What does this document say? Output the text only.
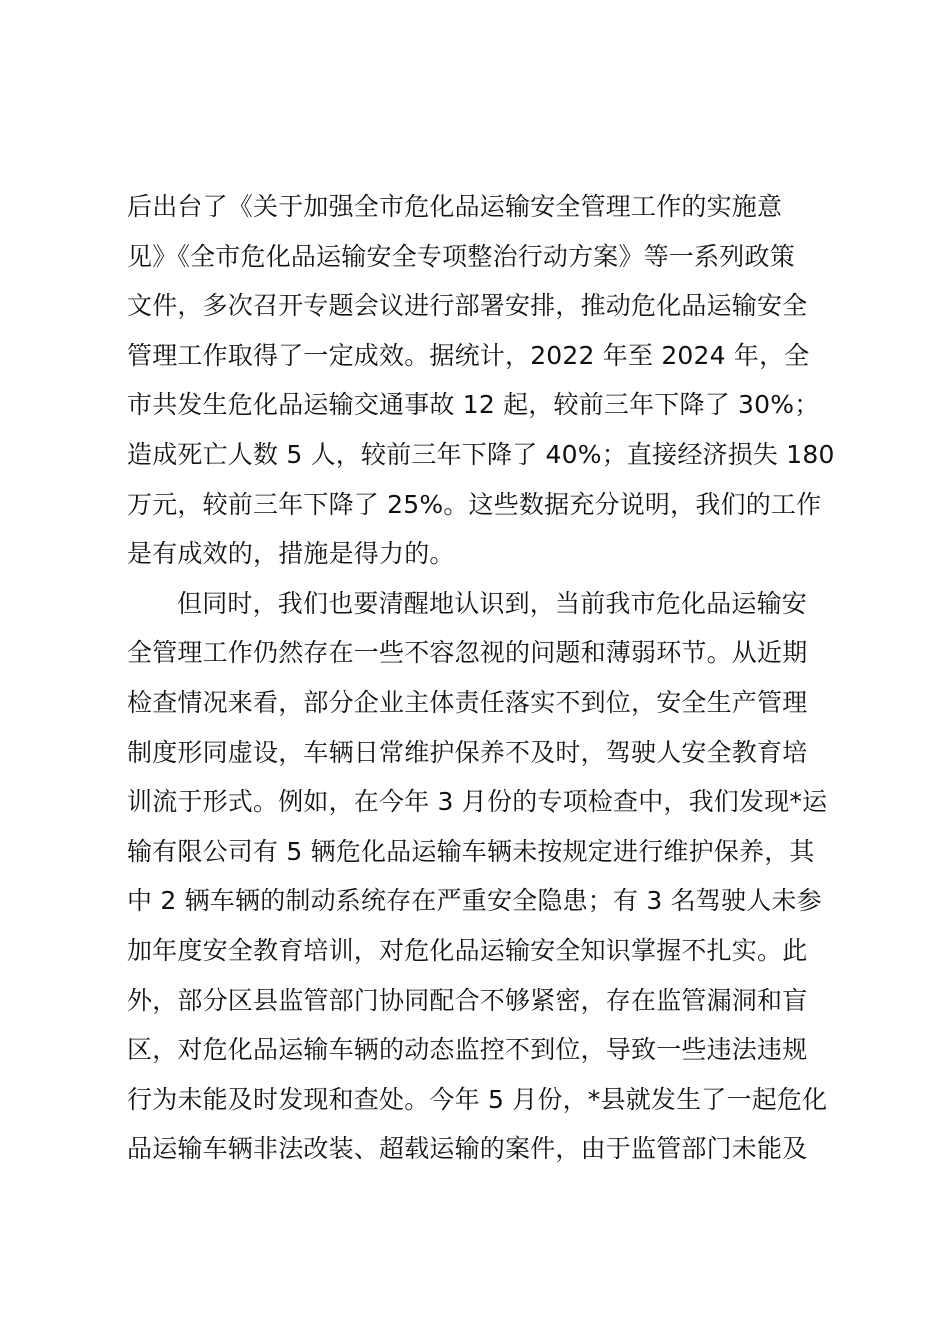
后出台了《关于加强全市危化品运输安全管理工作的实施意
见》《全市危化品运输安全专项整治行动方案》等一系列政策
文件，多次召开专题会议进行部署安排，推动危化品运输安全
管理工作取得了一定成效。据统计，2022 年至 2024 年，全
市共发生危化品运输交通事故 12 起，较前三年下降了 30%；
造成死亡人数 5 人，较前三年下降了 40%；直接经济损失 180
万元，较前三年下降了 25%。这些数据充分说明，我们的工作
是有成效的，措施是得力的。
但同时，我们也要清醒地认识到，当前我市危化品运输安
全管理工作仍然存在一些不容忽视的问题和薄弱环节。从近期
检查情况来看，部分企业主体责任落实不到位，安全生产管理
制度形同虚设，车辆日常维护保养不及时，驾驶人安全教育培
训流于形式。例如，在今年 3 月份的专项检查中，我们发现*运
输有限公司有 5 辆危化品运输车辆未按规定进行维护保养，其
中 2 辆车辆的制动系统存在严重安全隐患；有 3 名驾驶人未参
加年度安全教育培训，对危化品运输安全知识掌握不扎实。此
外，部分区县监管部门协同配合不够紧密，存在监管漏洞和盲
区，对危化品运输车辆的动态监控不到位，导致一些违法违规
行为未能及时发现和查处。今年 5 月份，*县就发生了一起危化
品运输车辆非法改装、超载运输的案件，由于监管部门未能及
